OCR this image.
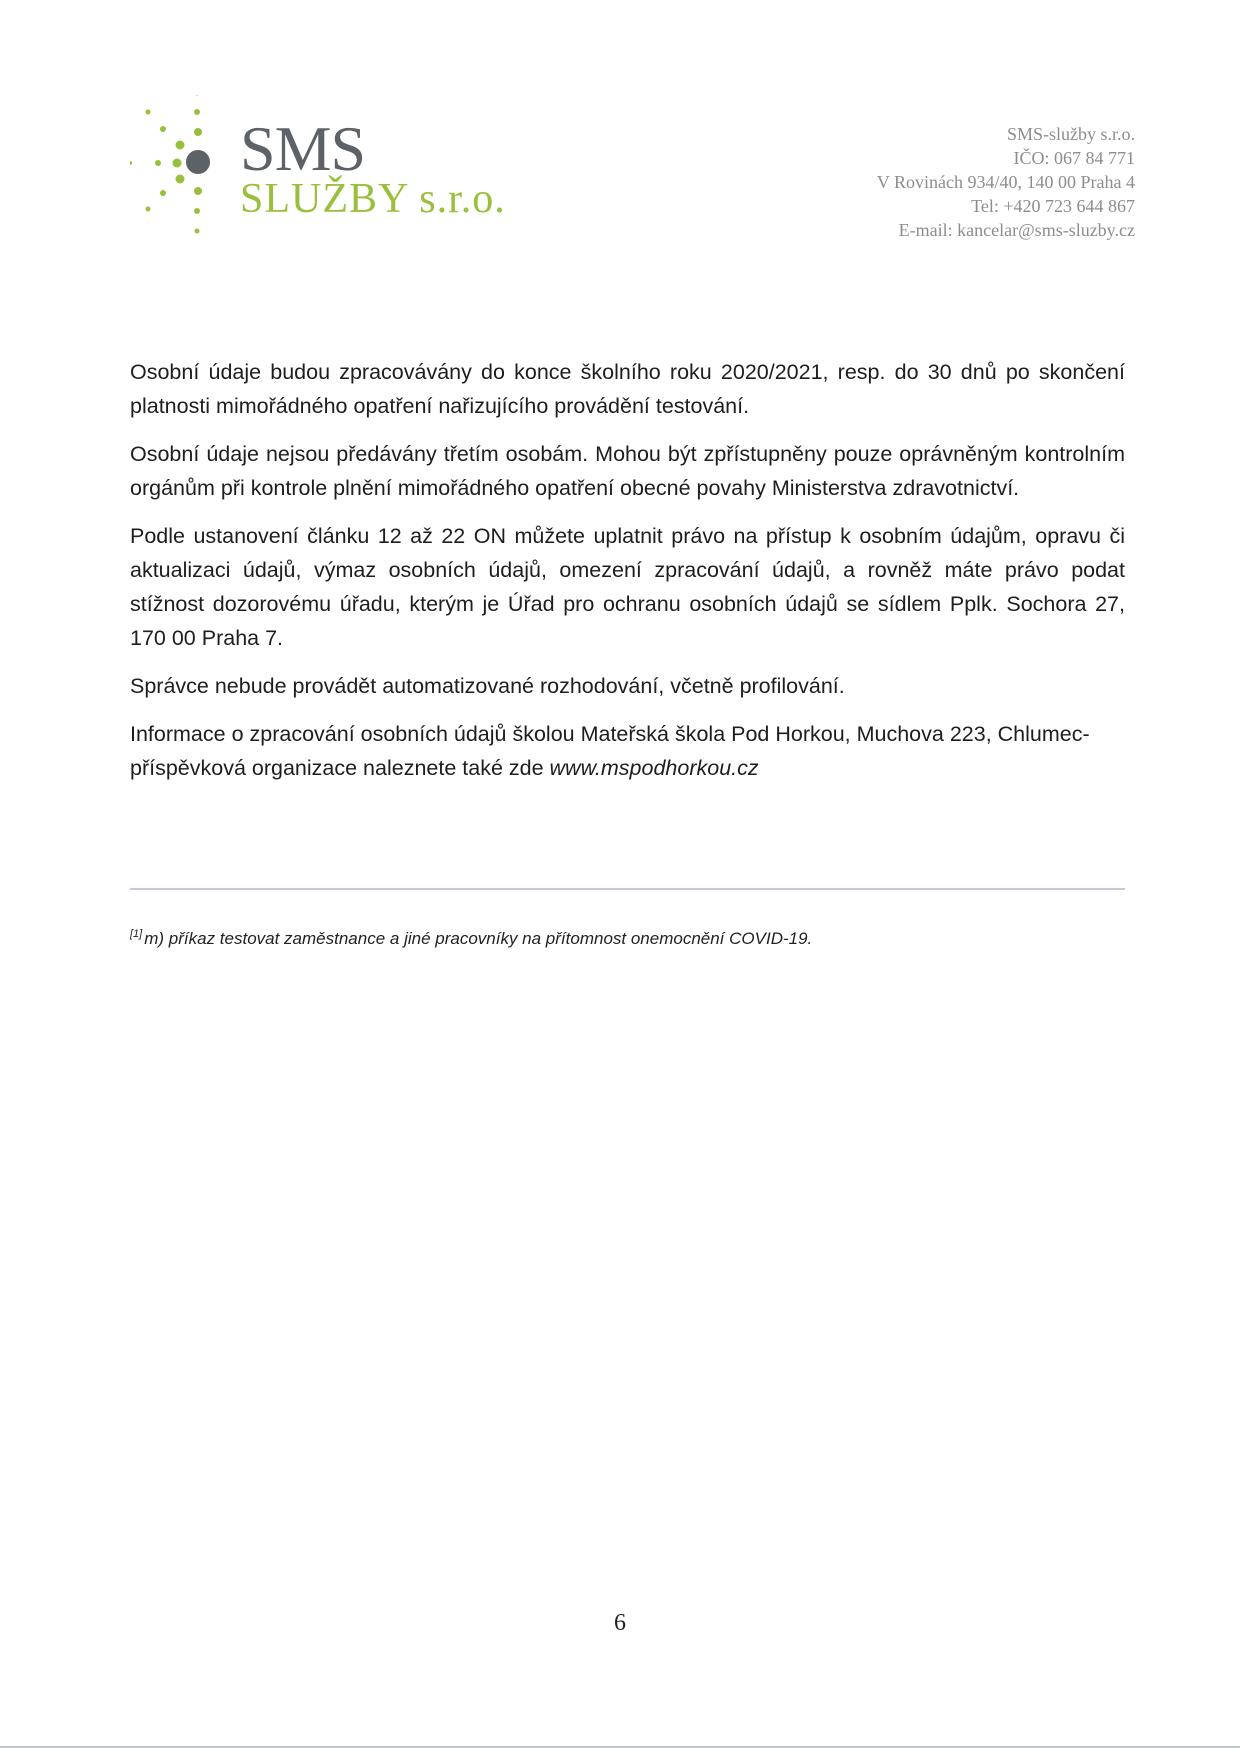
SMS
SLUŽBY s.r.o.
SMS-služby s.r.o.
IČO: 067 84 771
V Rovinách 934/40, 140 00 Praha 4
Tel: +420 723 644 867
E-mail: kancelar@sms-sluzby.cz

Osobní údaje budou zpracovávány do konce školního roku 2020/2021, resp. do 30 dnů po skončení platnosti mimořádného opatření nařizujícího provádění testování.

Osobní údaje nejsou předávány třetím osobám. Mohou být zpřístupněny pouze oprávněným kontrolním orgánům při kontrole plnění mimořádného opatření obecné povahy Ministerstva zdravotnictví.

Podle ustanovení článku 12 až 22 ON můžete uplatnit právo na přístup k osobním údajům, opravu či aktualizaci údajů, výmaz osobních údajů, omezení zpracování údajů, a rovněž máte právo podat stížnost dozorovému úřadu, kterým je Úřad pro ochranu osobních údajů se sídlem Pplk. Sochora 27, 170 00 Praha 7.

Správce nebude provádět automatizované rozhodování, včetně profilování.

Informace o zpracování osobních údajů školou Mateřská škola Pod Horkou, Muchova 223, Chlumec-příspěvková organizace naleznete také zde www.mspodhorkou.cz

[1] m) příkaz testovat zaměstnance a jiné pracovníky na přítomnost onemocnění COVID-19.
6
